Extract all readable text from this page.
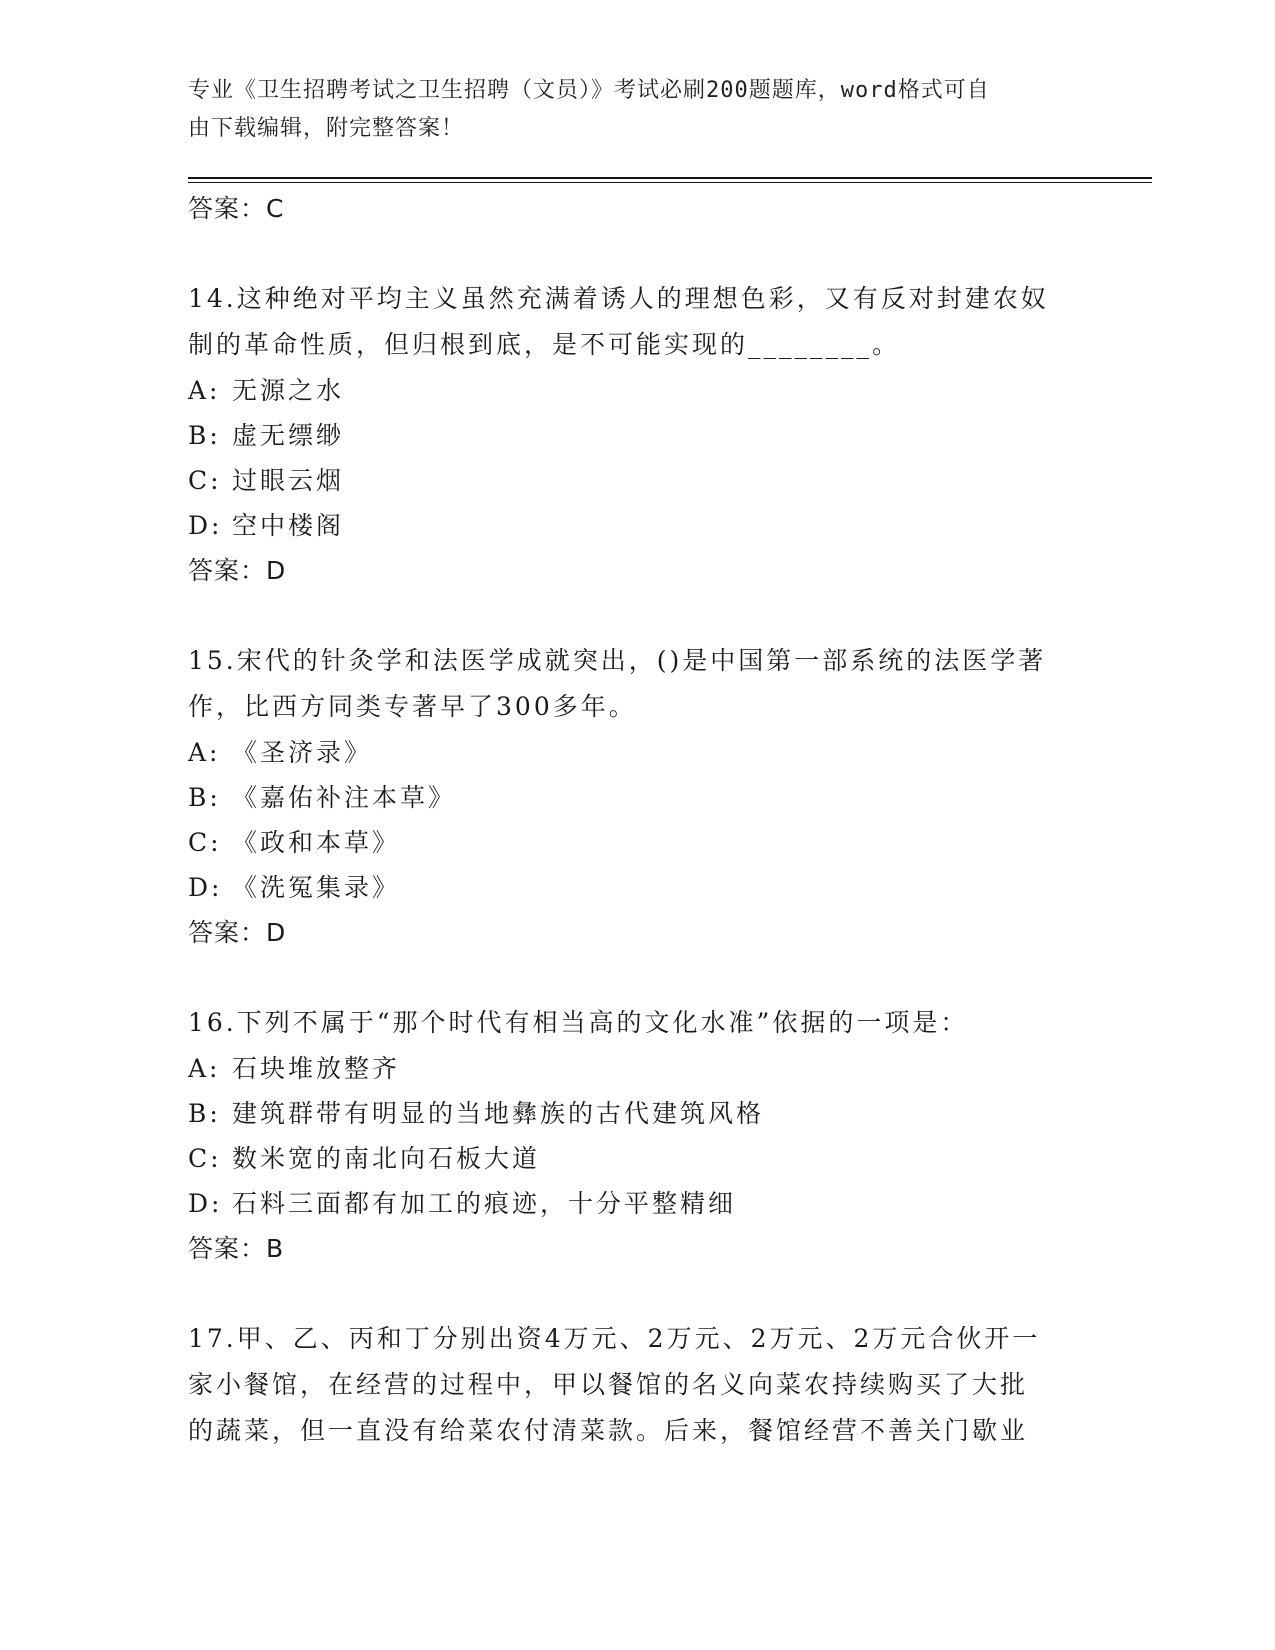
专业《卫生招聘考试之卫生招聘（文员）》考试必刷200题题库，word格式可自
由下载编辑，附完整答案！
答案：C
14.这种绝对平均主义虽然充满着诱人的理想色彩，又有反对封建农奴
制的革命性质，但归根到底，是不可能实现的________。
A: 无源之水
B: 虚无缥缈
C: 过眼云烟
D: 空中楼阁
答案：D
15.宋代的针灸学和法医学成就突出，()是中国第一部系统的法医学著
作，比西方同类专著早了300多年。
A: 《圣济录》
B: 《嘉佑补注本草》
C: 《政和本草》
D: 《洗冤集录》
答案：D
16.下列不属于“那个时代有相当高的文化水准”依据的一项是：
A: 石块堆放整齐
B: 建筑群带有明显的当地彝族的古代建筑风格
C: 数米宽的南北向石板大道
D: 石料三面都有加工的痕迹，十分平整精细
答案：B
17.甲、乙、丙和丁分别出资4万元、2万元、2万元、2万元合伙开一
家小餐馆，在经营的过程中，甲以餐馆的名义向菜农持续购买了大批
的蔬菜，但一直没有给菜农付清菜款。后来，餐馆经营不善关门歇业
